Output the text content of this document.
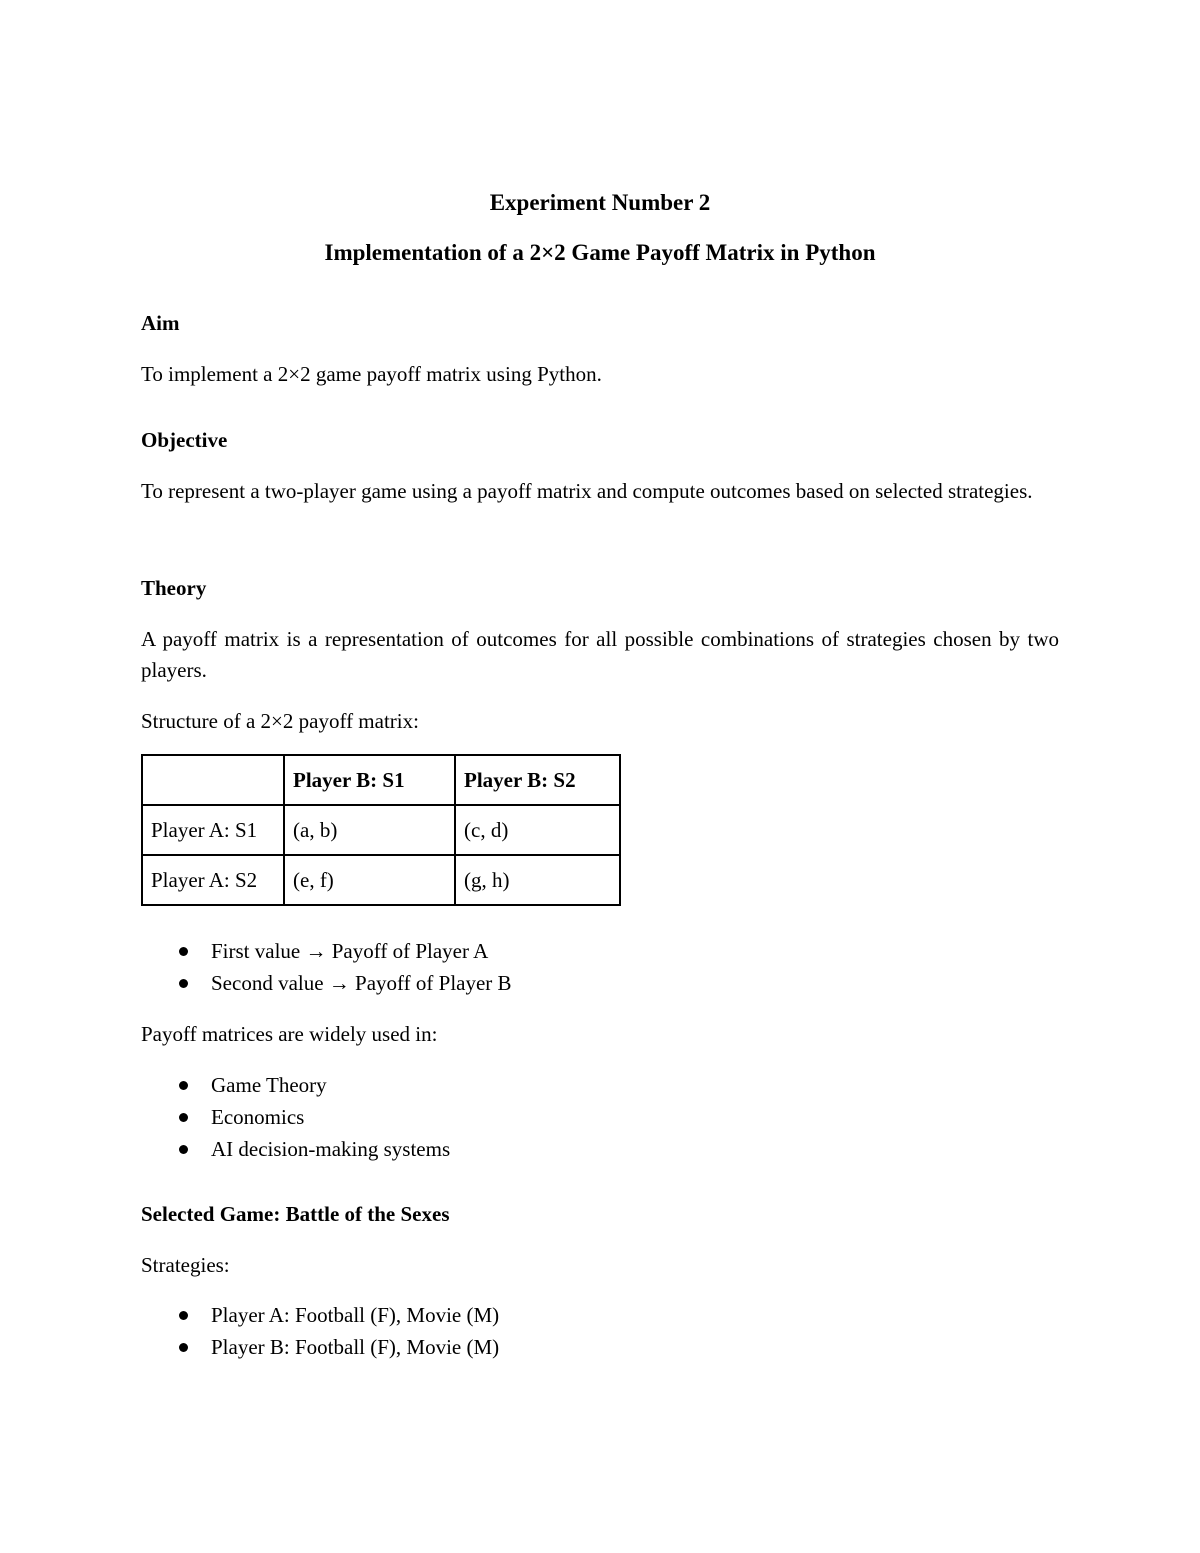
Experiment Number 2
Implementation of a 2×2 Game Payoff Matrix in Python
Aim

To implement a 2×2 game payoff matrix using Python.

Objective

To represent a two-player game using a payoff matrix and compute outcomes based on selected strategies.

Theory

A payoff matrix is a representation of outcomes for all possible combinations of strategies chosen by two players.

Structure of a 2×2 payoff matrix:

	Player B: S1	Player B: S2
Player A: S1	(a, b)	(c, d)
Player A: S2	(e, f)	(g, h)
First value → Payoff of Player A
Second value → Payoff of Player B

Payoff matrices are widely used in:

Game Theory
Economics
AI decision-making systems
Selected Game: Battle of the Sexes

Strategies:

Player A: Football (F), Movie (M)
Player B: Football (F), Movie (M)
